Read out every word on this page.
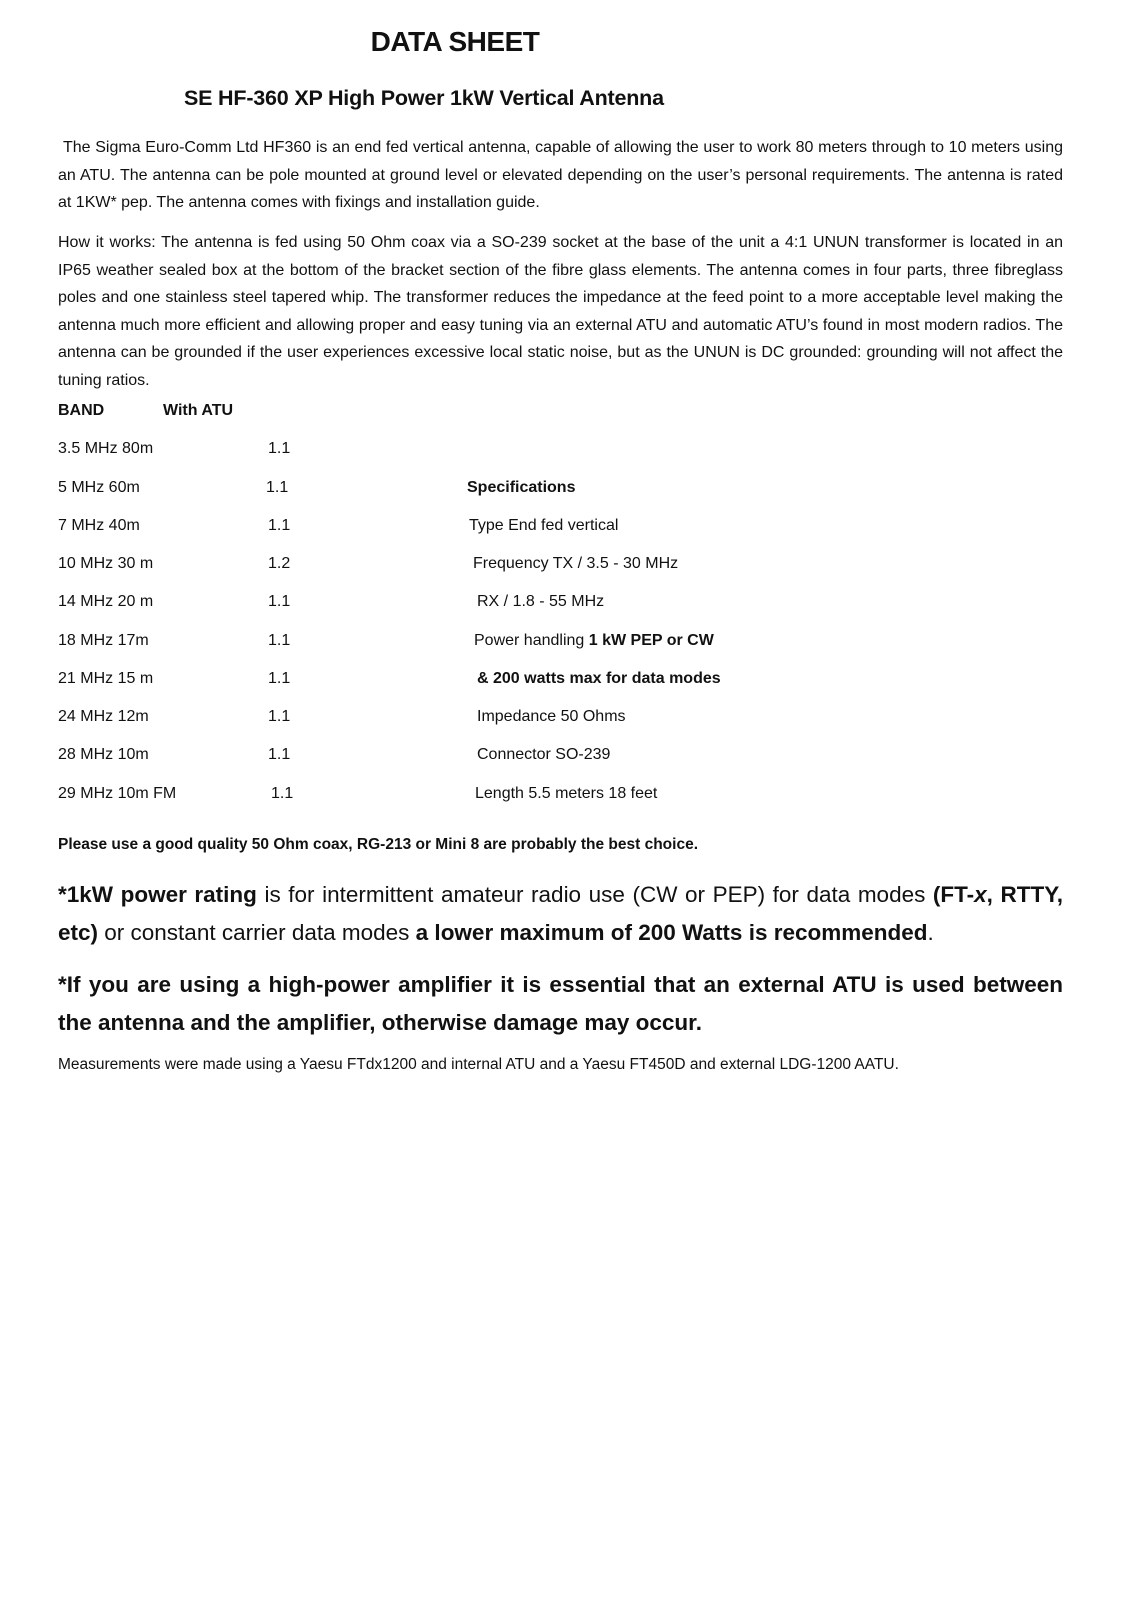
DATA SHEET
SE HF-360 XP High Power 1kW Vertical Antenna
The Sigma Euro-Comm Ltd HF360 is an end fed vertical antenna, capable of allowing the user to work 80 meters through to 10 meters using an ATU. The antenna can be pole mounted at ground level or elevated depending on the user’s personal requirements. The antenna is rated at 1KW* pep. The antenna comes with fixings and installation guide.
How it works: The antenna is fed using 50 Ohm coax via a SO-239 socket at the base of the unit a 4:1 UNUN transformer is located in an IP65 weather sealed box at the bottom of the bracket section of the fibre glass elements. The antenna comes in four parts, three fibreglass poles and one stainless steel tapered whip. The transformer reduces the impedance at the feed point to a more acceptable level making the antenna much more efficient and allowing proper and easy tuning via an external ATU and automatic ATU’s found in most modern radios. The antenna can be grounded if the user experiences excessive local static noise, but as the UNUN is DC grounded: grounding will not affect the tuning ratios.
BAND	With ATU
3.5 MHz 80m	1.1
5 MHz 60m	1.1
7 MHz 40m	1.1
10 MHz 30 m	1.2
14 MHz 20 m	1.1
18 MHz 17m	1.1
21 MHz 15 m	1.1
24 MHz 12m	1.1
28 MHz 10m	1.1
29 MHz 10m FM	1.1
Specifications
Type End fed vertical
Frequency TX / 3.5 - 30 MHz
RX / 1.8 - 55 MHz
Power handling 1 kW PEP or CW
& 200 watts max for data modes
Impedance 50 Ohms
Connector SO-239
Length 5.5 meters 18 feet
Please use a good quality 50 Ohm coax, RG-213 or Mini 8 are probably the best choice.
*1kW power rating is for intermittent amateur radio use (CW or PEP) for data modes (FT-x, RTTY, etc) or constant carrier data modes a lower maximum of 200 Watts is recommended.
*If you are using a high-power amplifier it is essential that an external ATU is used between the antenna and the amplifier, otherwise damage may occur.
Measurements were made using a Yaesu FTdx1200 and internal ATU and a Yaesu FT450D and external LDG-1200 AATU.
